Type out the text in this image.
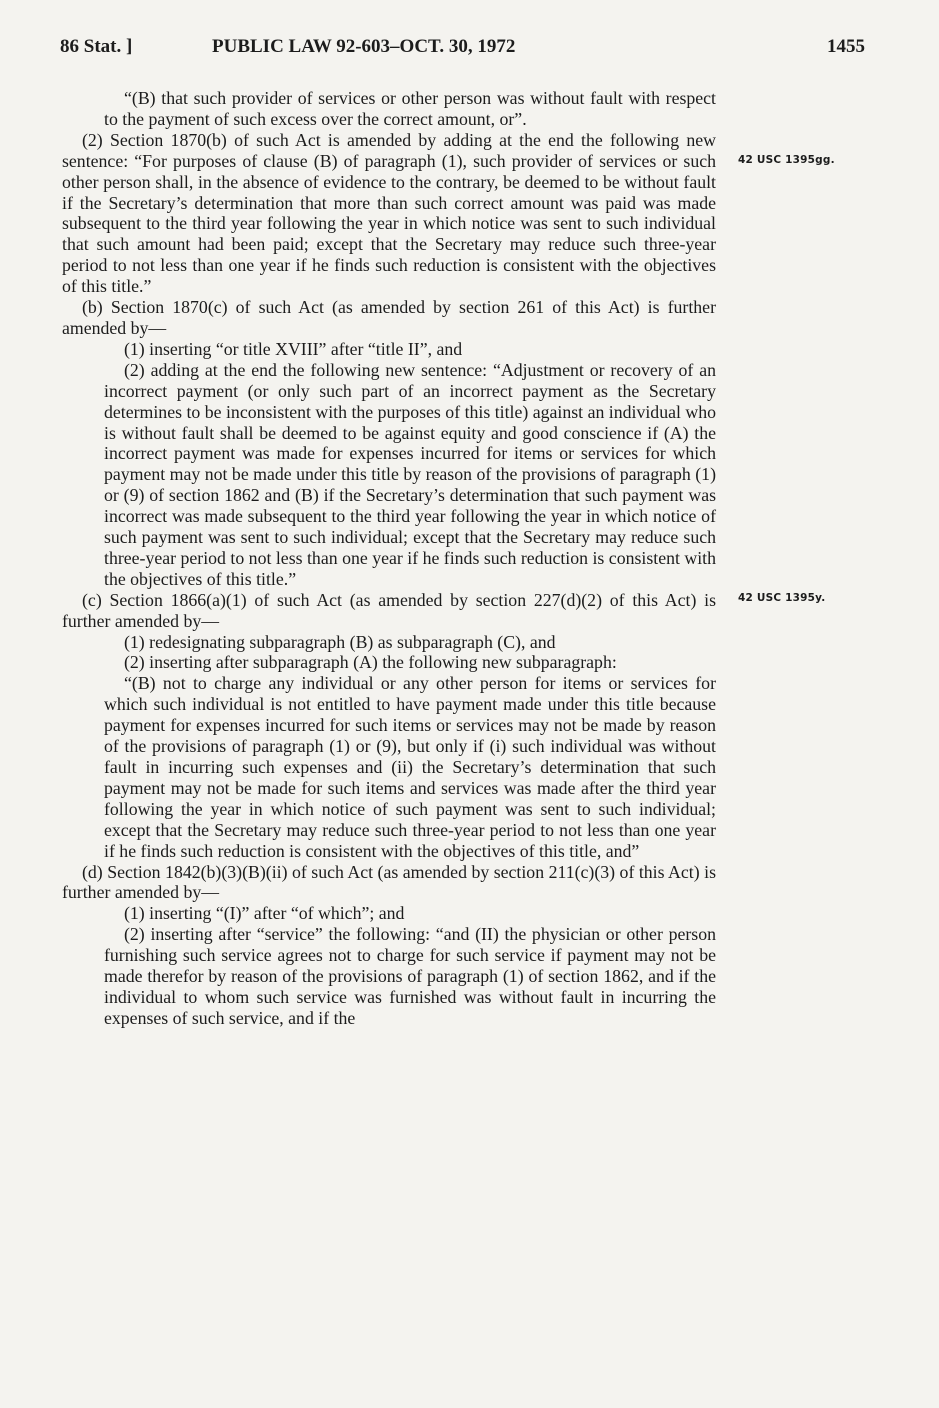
86 Stat. ]	PUBLIC LAW 92-603–OCT. 30, 1972	1455
42 USC 1395gg.
42 USC 1395y.

“(B) that such provider of services or other person was without fault with respect to the payment of such excess over the correct amount, or”.

(2) Section 1870(b) of such Act is amended by adding at the end the following new sentence: “For purposes of clause (B) of paragraph (1), such provider of services or such other person shall, in the absence of evidence to the contrary, be deemed to be without fault if the Secretary’s determination that more than such correct amount was paid was made subsequent to the third year following the year in which notice was sent to such individual that such amount had been paid; except that the Secretary may reduce such three-year period to not less than one year if he finds such reduction is consistent with the objectives of this title.”

(b) Section 1870(c) of such Act (as amended by section 261 of this Act) is further amended by—

(1) inserting “or title XVIII” after “title II”, and

(2) adding at the end the following new sentence: “Adjustment or recovery of an incorrect payment (or only such part of an incorrect payment as the Secretary determines to be inconsistent with the purposes of this title) against an individual who is without fault shall be deemed to be against equity and good conscience if (A) the incorrect payment was made for expenses incurred for items or services for which payment may not be made under this title by reason of the provisions of paragraph (1) or (9) of section 1862 and (B) if the Secretary’s determination that such payment was incorrect was made subsequent to the third year following the year in which notice of such payment was sent to such individual; except that the Secretary may reduce such three-year period to not less than one year if he finds such reduction is consistent with the objectives of this title.”

(c) Section 1866(a)(1) of such Act (as amended by section 227(d)(2) of this Act) is further amended by—

(1) redesignating subparagraph (B) as subparagraph (C), and

(2) inserting after subparagraph (A) the following new subparagraph:

“(B) not to charge any individual or any other person for items or services for which such individual is not entitled to have payment made under this title because payment for expenses incurred for such items or services may not be made by reason of the provisions of paragraph (1) or (9), but only if (i) such individual was without fault in incurring such expenses and (ii) the Secretary’s determination that such payment may not be made for such items and services was made after the third year following the year in which notice of such payment was sent to such individual; except that the Secretary may reduce such three-year period to not less than one year if he finds such reduction is consistent with the objectives of this title, and”

(d) Section 1842(b)(3)(B)(ii) of such Act (as amended by section 211(c)(3) of this Act) is further amended by—

(1) inserting “(I)” after “of which”; and

(2) inserting after “service” the following: “and (II) the physician or other person furnishing such service agrees not to charge for such service if payment may not be made therefor by reason of the provisions of paragraph (1) of section 1862, and if the individual to whom such service was furnished was without fault in incurring the expenses of such service, and if the
